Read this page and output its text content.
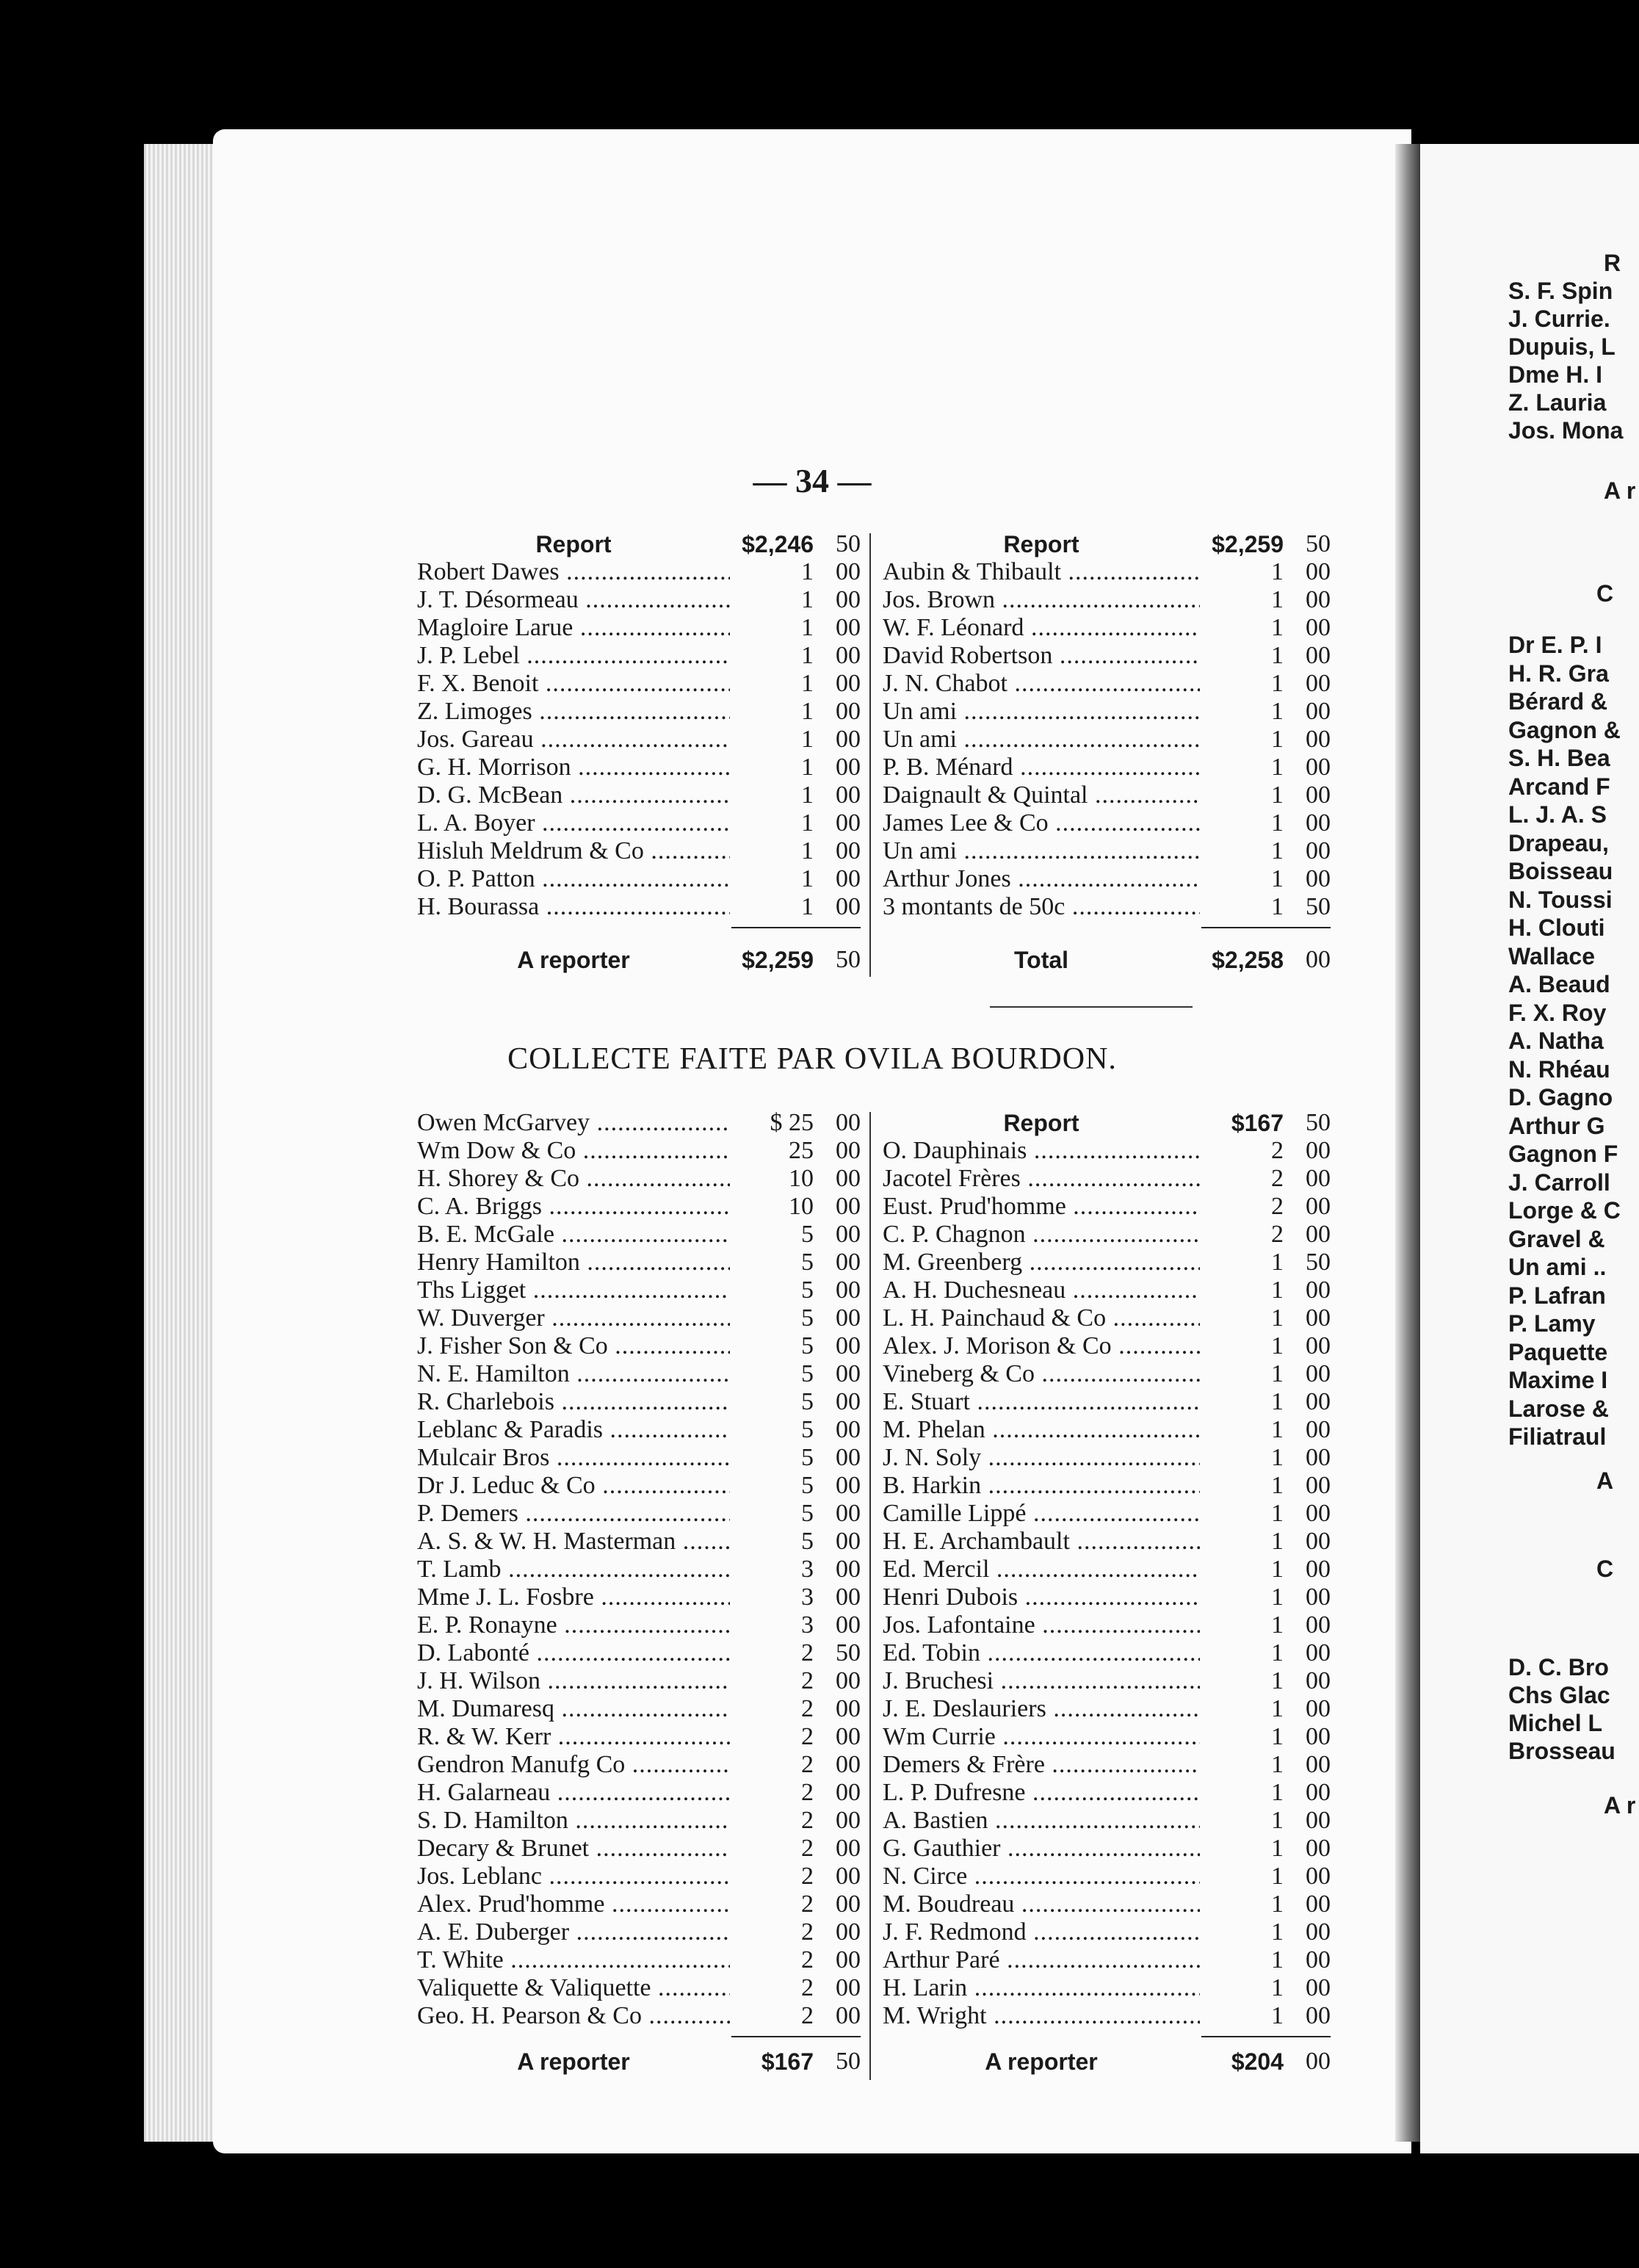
— 34 —
Report	$2,246 50
Robert Dawes .....	1 00
J. T. Désormeau .....	1 00
Magloire Larue .....	1 00
J. P. Lebel .....	1 00
F. X. Benoit .....	1 00
Z. Limoges .....	1 00
Jos. Gareau .....	1 00
G. H. Morrison .....	1 00
D. G. McBean .....	1 00
L. A. Boyer .....	1 00
Hisluh Meldrum & Co .....	1 00
O. P. Patton .....	1 00
H. Bourassa .....	1 00
A reporter	$2,259 50
Report	$2,259 50
Aubin & Thibault .....	1 00
Jos. Brown .....	1 00
W. F. Léonard .....	1 00
David Robertson .....	1 00
J. N. Chabot .....	1 00
Un ami .....	1 00
Un ami .....	1 00
P. B. Ménard .....	1 00
Daignault & Quintal .....	1 00
James Lee & Co .....	1 00
Un ami .....	1 00
Arthur Jones .....	1 00
3 montants de 50c .....	1 50
Total	$2,258 00
COLLECTE FAITE PAR OVILA BOURDON.
Owen McGarvey .....	$ 25 00
Wm Dow & Co .....	25 00
H. Shorey & Co .....	10 00
C. A. Briggs .....	10 00
B. E. McGale .....	5 00
Henry Hamilton .....	5 00
Ths Ligget .....	5 00
W. Duverger .....	5 00
J. Fisher Son & Co .....	5 00
N. E. Hamilton .....	5 00
R. Charlebois .....	5 00
Leblanc & Paradis .....	5 00
Mulcair Bros .....	5 00
Dr J. Leduc & Co .....	5 00
P. Demers .....	5 00
A. S. & W. H. Masterman .....	5 00
T. Lamb .....	3 00
Mme J. L. Fosbre .....	3 00
E. P. Ronayne .....	3 00
D. Labonté .....	2 50
J. H. Wilson .....	2 00
M. Dumaresq .....	2 00
R. & W. Kerr .....	2 00
Gendron Manufg Co .....	2 00
H. Galarneau .....	2 00
S. D. Hamilton .....	2 00
Decary & Brunet .....	2 00
Jos. Leblanc .....	2 00
Alex. Prud'homme .....	2 00
A. E. Duberger .....	2 00
T. White .....	2 00
Valiquette & Valiquette .....	2 00
Geo. H. Pearson & Co .....	2 00
A reporter	$167 50
Report	$167 50
O. Dauphinais .....	2 00
Jacotel Frères .....	2 00
Eust. Prud'homme .....	2 00
C. P. Chagnon .....	2 00
M. Greenberg .....	1 50
A. H. Duchesneau .....	1 00
L. H. Painchaud & Co .....	1 00
Alex. J. Morison & Co .....	1 00
Vineberg & Co .....	1 00
E. Stuart .....	1 00
M. Phelan .....	1 00
J. N. Soly .....	1 00
B. Harkin .....	1 00
Camille Lippé .....	1 00
H. E. Archambault .....	1 00
Ed. Mercil .....	1 00
Henri Dubois .....	1 00
Jos. Lafontaine .....	1 00
Ed. Tobin .....	1 00
J. Bruchesi .....	1 00
J. E. Deslauriers .....	1 00
Wm Currie .....	1 00
Demers & Frère .....	1 00
L. P. Dufresne .....	1 00
A. Bastien .....	1 00
G. Gauthier .....	1 00
N. Circe .....	1 00
M. Boudreau .....	1 00
J. F. Redmond .....	1 00
Arthur Paré .....	1 00
H. Larin .....	1 00
M. Wright .....	1 00
A reporter	$204 00
R
S. F. Spin
J. Currie.
Dupuis, L
Dme H. I
Z. Lauria
Jos. Mona
A r
C
Dr E. P. I
H. R. Gra
Bérard &
Gagnon &
S. H. Bea
Arcand F
L. J. A. S
Drapeau,
Boisseau
N. Toussi
H. Clouti
Wallace
A. Beaud
F. X. Roy
A. Natha
N. Rhéau
D. Gagno
Arthur G
Gagnon F
J. Carroll
Lorge & C
Gravel &
Un ami ..
P. Lafran
P. Lamy
Paquette
Maxime I
Larose &
Filiatraul
A
C
D. C. Bro
Chs Glac
Michel L
Brosseau
A r
